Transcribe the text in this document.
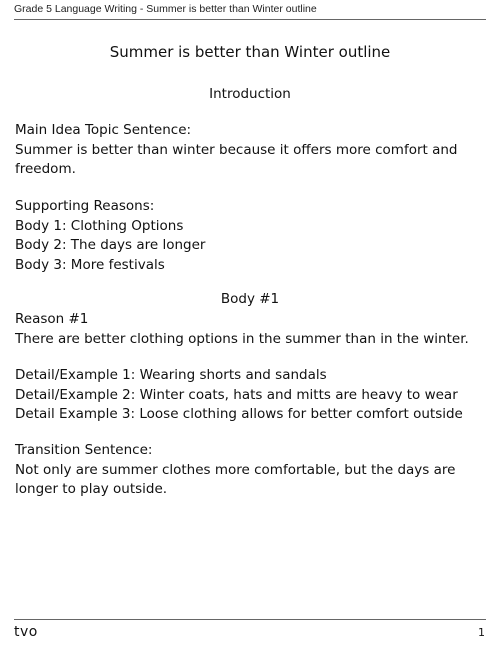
Grade 5 Language Writing - Summer is better than Winter outline
Summer is better than Winter outline
Introduction
Main Idea Topic Sentence:
Summer is better than winter because it offers more comfort and freedom.
Supporting Reasons:
Body 1: Clothing Options
Body 2: The days are longer
Body 3: More festivals
Body #1
Reason #1
There are better clothing options in the summer than in the winter.
Detail/Example 1: Wearing shorts and sandals
Detail/Example 2: Winter coats, hats and mitts are heavy to wear
Detail Example 3: Loose clothing allows for better comfort outside
Transition Sentence:
Not only are summer clothes more comfortable, but the days are longer to play outside.
tvo	1
